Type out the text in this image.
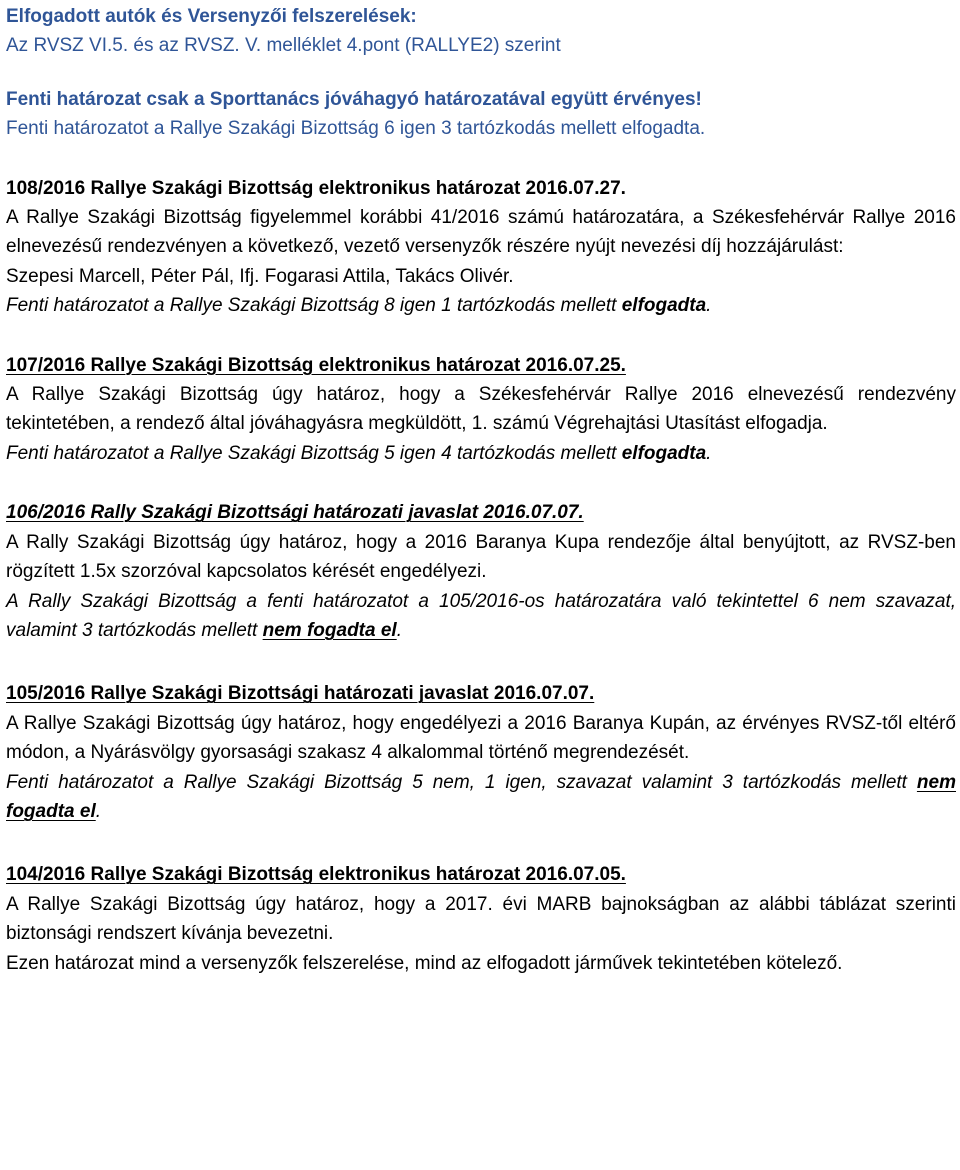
Elfogadott autók és Versenyzői felszerelések:
Az RVSZ VI.5. és az RVSZ. V. melléklet 4.pont (RALLYE2) szerint
Fenti határozat csak a Sporttanács jóváhagyó határozatával együtt érvényes!
Fenti határozatot a Rallye Szakági Bizottság 6 igen 3 tartózkodás mellett elfogadta.
108/2016 Rallye Szakági Bizottság elektronikus határozat 2016.07.27.
A Rallye Szakági Bizottság figyelemmel korábbi 41/2016 számú határozatára, a Székesfehérvár Rallye 2016 elnevezésű rendezvényen a következő, vezető versenyzők részére nyújt nevezési díj hozzájárulást:
Szepesi Marcell, Péter Pál, Ifj. Fogarasi Attila, Takács Olivér.
Fenti határozatot a Rallye Szakági Bizottság 8 igen 1 tartózkodás mellett elfogadta.
107/2016 Rallye Szakági Bizottság elektronikus határozat 2016.07.25.
A Rallye Szakági Bizottság úgy határoz, hogy a Székesfehérvár Rallye 2016 elnevezésű rendezvény tekintetében, a rendező által jóváhagyásra megküldött, 1. számú Végrehajtási Utasítást elfogadja.
Fenti határozatot a Rallye Szakági Bizottság 5 igen 4 tartózkodás mellett elfogadta.
106/2016 Rally Szakági Bizottsági határozati javaslat 2016.07.07.
A Rally Szakági Bizottság úgy határoz, hogy a 2016 Baranya Kupa rendezője által benyújtott, az RVSZ-ben rögzített 1.5x szorzóval kapcsolatos kérését engedélyezi.
A Rally Szakági Bizottság a fenti határozatot a 105/2016-os határozatára való tekintettel 6 nem szavazat, valamint 3 tartózkodás mellett nem fogadta el.
105/2016 Rallye Szakági Bizottsági határozati javaslat 2016.07.07.
A Rallye Szakági Bizottság úgy határoz, hogy engedélyezi a 2016 Baranya Kupán, az érvényes RVSZ-től eltérő módon, a Nyárásvölgy gyorsasági szakasz 4 alkalommal történő megrendezését.
Fenti határozatot a Rallye Szakági Bizottság 5 nem, 1 igen, szavazat valamint 3 tartózkodás mellett nem fogadta el.
104/2016 Rallye Szakági Bizottság elektronikus határozat 2016.07.05.
A Rallye Szakági Bizottság úgy határoz, hogy a 2017. évi MARB bajnokságban az alábbi táblázat szerinti biztonsági rendszert kívánja bevezetni.
Ezen határozat mind a versenyzők felszerelése, mind az elfogadott járművek tekintetében kötelező.
